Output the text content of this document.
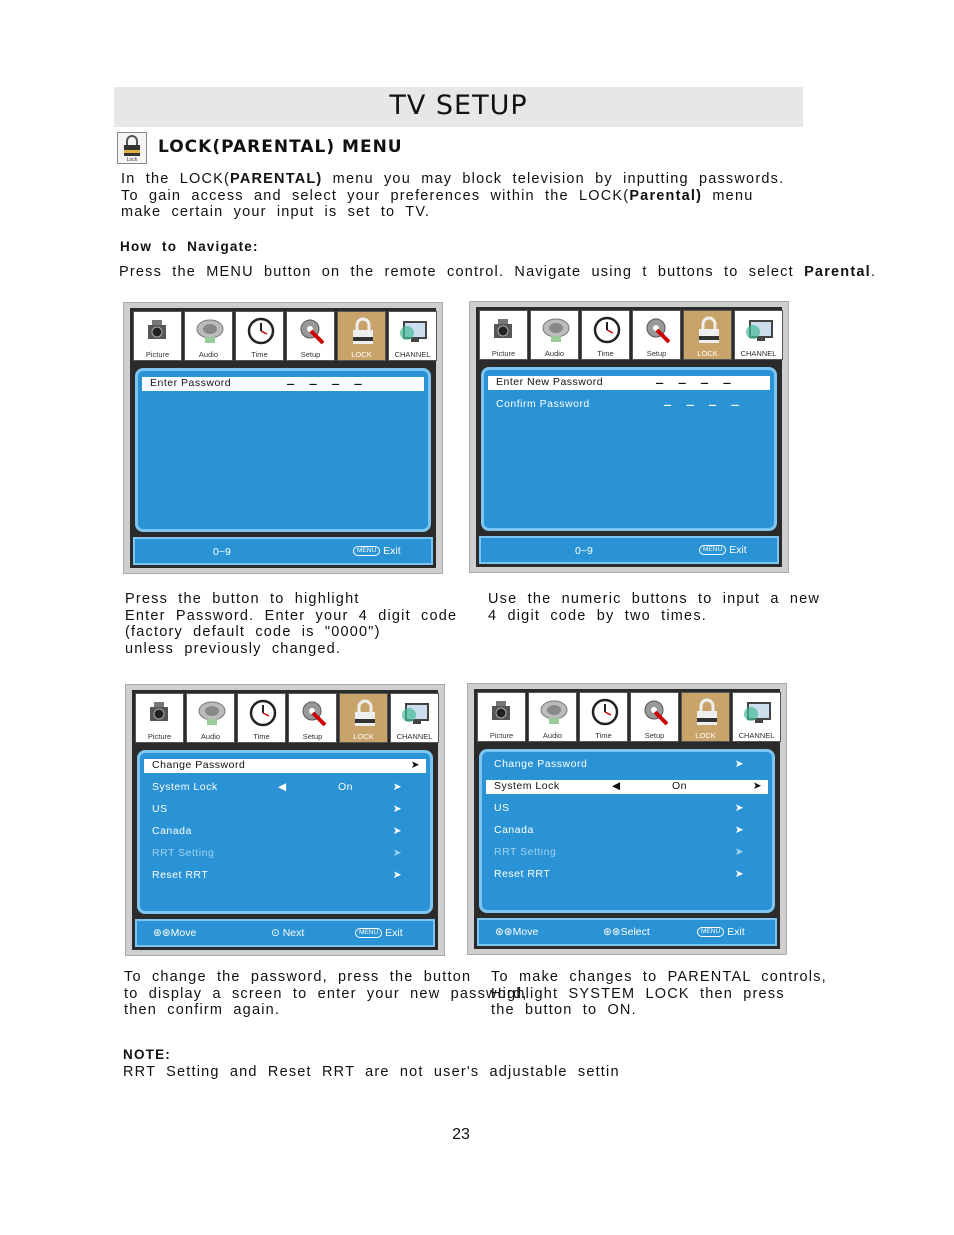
TV SETUP
Lock
LOCK(PARENTAL) MENU
In the LOCK(PARENTAL) menu you may block television by inputting passwords.
To gain access and select your preferences within the LOCK(Parental) menu
make certain your input is set to TV.
How to Navigate:
Press the MENU button on the remote control. Navigate using t buttons to select Parental.
Picture	Audio	Time	Setup	LOCK	CHANNEL
Enter Password	_ _ _ _
0~9	MENU Exit
Picture	Audio	Time	Setup	LOCK	CHANNEL
Enter New Password	_ _ _ _
Confirm Password	_ _ _ _
0~9	MENU Exit
Picture	Audio	Time	Setup	LOCK	CHANNEL
Change Password	➤
System Lock	◀	On	➤
US	➤
Canada	➤
RRT Setting	➤
Reset RRT	➤
⊛⊛Move	⊙ Next	MENU Exit
Picture	Audio	Time	Setup	LOCK	CHANNEL
Change Password	➤
System Lock	◀	On	➤
US	➤
Canada	➤
RRT Setting	➤
Reset RRT	➤
⊛⊛Move	⊛⊛Select	MENU Exit
Press the button to highlight
Enter Password. Enter your 4 digit code
(factory default code is "0000")
unless previously changed.
Use the numeric buttons to input a new
4 digit code by two times.
To change the password, press the button
to display a screen to enter your new password,
then confirm again.
To make changes to PARENTAL controls,
Highlight SYSTEM LOCK then press
the button to ON.
NOTE:
RRT Setting and Reset RRT are not user's adjustable settin
23
